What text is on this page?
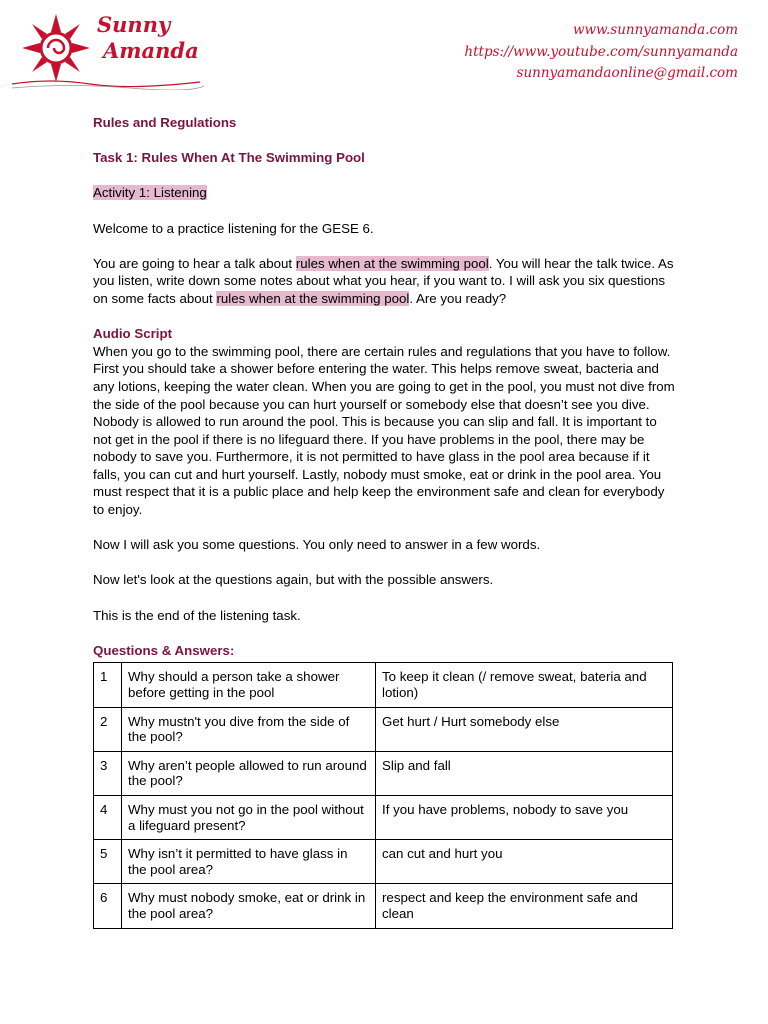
Sunny
Amanda
www.sunnyamanda.com
https://www.youtube.com/sunnyamanda
sunnyamandaonline@gmail.com

Rules and Regulations

Task 1: Rules When At The Swimming Pool

Activity 1: Listening

Welcome to a practice listening for the GESE 6.

You are going to hear a talk about rules when at the swimming pool. You will hear the talk twice. As you listen, write down some notes about what you hear, if you want to. I will ask you six questions on some facts about rules when at the swimming pool. Are you ready?

Audio Script

When you go to the swimming pool, there are certain rules and regulations that you have to follow. First you should take a shower before entering the water. This helps remove sweat, bacteria and any lotions, keeping the water clean. When you are going to get in the pool, you must not dive from the side of the pool because you can hurt yourself or somebody else that doesn’t see you dive. Nobody is allowed to run around the pool. This is because you can slip and fall. It is important to not get in the pool if there is no lifeguard there. If you have problems in the pool, there may be nobody to save you. Furthermore, it is not permitted to have glass in the pool area because if it falls, you can cut and hurt yourself. Lastly, nobody must smoke, eat or drink in the pool area. You must respect that it is a public place and help keep the environment safe and clean for everybody to enjoy.

Now I will ask you some questions. You only need to answer in a few words.

Now let's look at the questions again, but with the possible answers.

This is the end of the listening task.

Questions & Answers:

1	Why should a person take a shower before getting in the pool	To keep it clean (/ remove sweat, bateria and lotion)
2	Why mustn't you dive from the side of the pool?	Get hurt / Hurt somebody else
3	Why aren’t people allowed to run around the pool?	Slip and fall
4	Why must you not go in the pool without a lifeguard present?	If you have problems, nobody to save you
5	Why isn’t it permitted to have glass in the pool area?	can cut and hurt you
6	Why must nobody smoke, eat or drink in the pool area?	respect and keep the environment safe and clean
